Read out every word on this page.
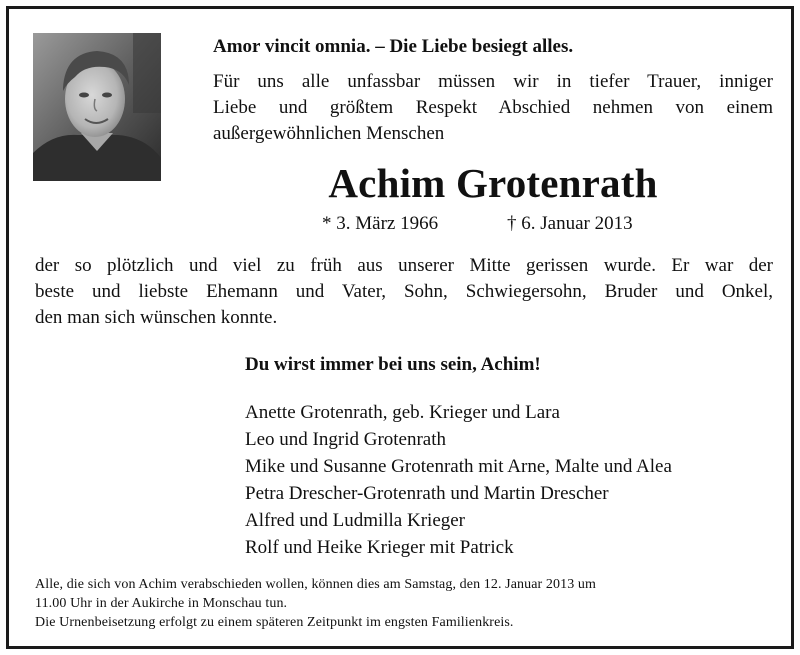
Amor vincit omnia. – Die Liebe besiegt alles.
Für uns alle unfassbar müssen wir in tiefer Trauer, inniger
Liebe und größtem Respekt Abschied nehmen von einem
außergewöhnlichen Menschen
Achim Grotenrath
* 3. März 1966	† 6. Januar 2013
der so plötzlich und viel zu früh aus unserer Mitte gerissen wurde. Er war der
beste und liebste Ehemann und Vater, Sohn, Schwiegersohn, Bruder und Onkel,
den man sich wünschen konnte.
Du wirst immer bei uns sein, Achim!
Anette Grotenrath, geb. Krieger und Lara
Leo und Ingrid Grotenrath
Mike und Susanne Grotenrath mit Arne, Malte und Alea
Petra Drescher-Grotenrath und Martin Drescher
Alfred und Ludmilla Krieger
Rolf und Heike Krieger mit Patrick
Alle, die sich von Achim verabschieden wollen, können dies am Samstag, den 12. Januar 2013 um
11.00 Uhr in der Aukirche in Monschau tun.
Die Urnenbeisetzung erfolgt zu einem späteren Zeitpunkt im engsten Familienkreis.
